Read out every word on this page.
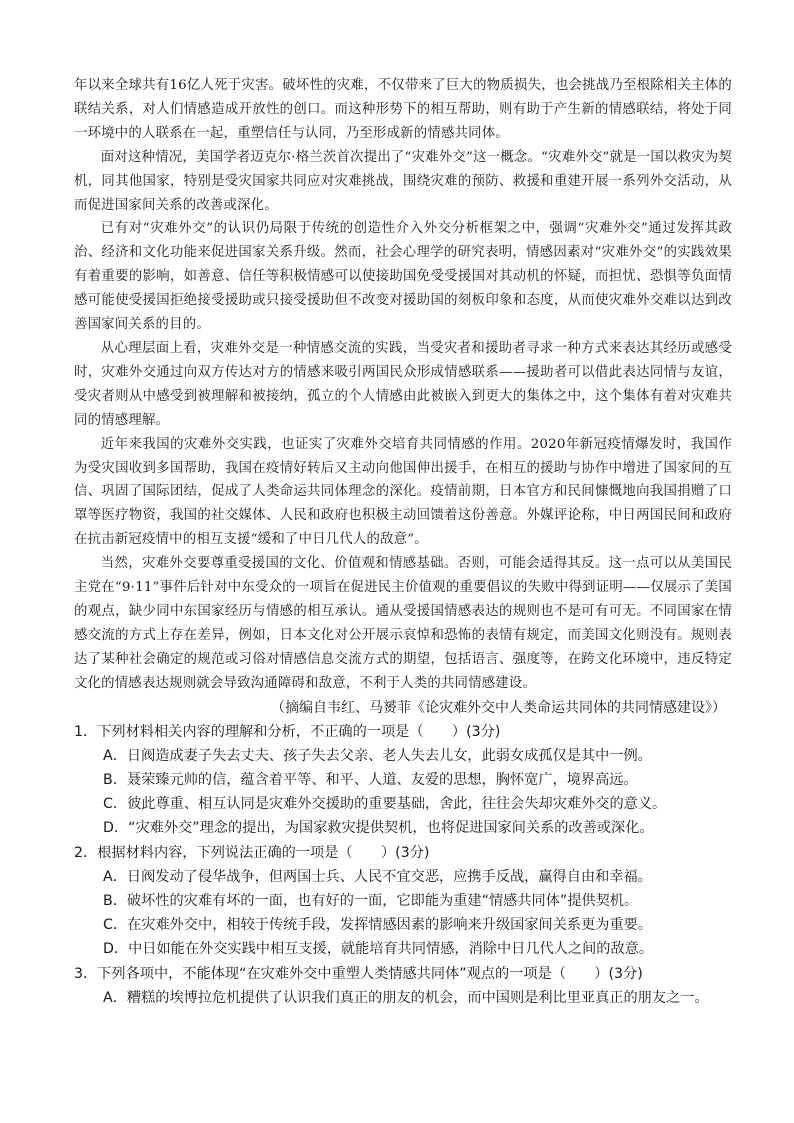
年以来全球共有16亿人死于灾害。破坏性的灾难，不仅带来了巨大的物质损失，也会挑战乃至根除相关主体的联结关系，对人们情感造成开放性的创口。而这种形势下的相互帮助，则有助于产生新的情感联结，将处于同一环境中的人联系在一起，重塑信任与认同，乃至形成新的情感共同体。

面对这种情况，美国学者迈克尔·格兰茨首次提出了“灾难外交”这一概念。“灾难外交”就是一国以救灾为契机，同其他国家，特别是受灾国家共同应对灾难挑战，围绕灾难的预防、救援和重建开展一系列外交活动，从而促进国家间关系的改善或深化。

已有对“灾难外交”的认识仍局限于传统的创造性介入外交分析框架之中，强调“灾难外交”通过发挥其政治、经济和文化功能来促进国家关系升级。然而，社会心理学的研究表明，情感因素对“灾难外交”的实践效果有着重要的影响，如善意、信任等积极情感可以使接助国免受受援国对其动机的怀疑，而担忧、恐惧等负面情感可能使受援国拒绝接受援助或只接受援助但不改变对援助国的刻板印象和态度，从而使灾难外交难以达到改善国家间关系的目的。

从心理层面上看，灾难外交是一种情感交流的实践，当受灾者和援助者寻求一种方式来表达其经历或感受时，灾难外交通过向双方传达对方的情感来吸引两国民众形成情感联系——援助者可以借此表达同情与友谊，受灾者则从中感受到被理解和被接纳，孤立的个人情感由此被嵌入到更大的集体之中，这个集体有着对灾难共同的情感理解。

近年来我国的灾难外交实践，也证实了灾难外交培育共同情感的作用。2020年新冠疫情爆发时，我国作为受灾国收到多国帮助，我国在疫情好转后又主动向他国伸出援手，在相互的援助与协作中增进了国家间的互信、巩固了国际团结，促成了人类命运共同体理念的深化。疫情前期，日本官方和民间慷慨地向我国捐赠了口罩等医疗物资，我国的社交媒体、人民和政府也积极主动回馈着这份善意。外媒评论称，中日两国民间和政府在抗击新冠疫情中的相互支援“缓和了中日几代人的敌意”。

当然，灾难外交要尊重受援国的文化、价值观和情感基础。否则，可能会适得其反。这一点可以从美国民主党在“9·11”事件后针对中东受众的一项旨在促进民主价值观的重要倡议的失败中得到证明——仅展示了美国的观点，缺少同中东国家经历与情感的相互承认。通从受援国情感表达的规则也不是可有可无。不同国家在情感交流的方式上存在差异，例如，日本文化对公开展示哀悼和恐怖的表情有规定，而美国文化则没有。规则表达了某种社会确定的规范或习俗对情感信息交流方式的期望，包括语言、强度等，在跨文化环境中，违反特定文化的情感表达规则就会导致沟通障碍和敌意，不利于人类的共同情感建设。

（摘编自韦红、马赟菲《论灾难外交中人类命运共同体的共同情感建设》）

1．下列材料相关内容的理解和分析，不正确的一项是（　　）(3分)

A．日阀造成妻子失去丈夫、孩子失去父亲、老人失去儿女，此弱女成孤仅是其中一例。

B．聂荣臻元帅的信，蕴含着平等、和平、人道、友爱的思想，胸怀宽广，境界高远。

C．彼此尊重、相互认同是灾难外交援助的重要基础，舍此，往往会失却灾难外交的意义。

D．“灾难外交”理念的提出，为国家救灾提供契机，也将促进国家间关系的改善或深化。

2．根据材料内容，下列说法正确的一项是（　　）(3分)

A．日阀发动了侵华战争，但两国士兵、人民不宜交恶，应携手反战，赢得自由和幸福。

B．破坏性的灾难有坏的一面，也有好的一面，它即能为重建“情感共同体”提供契机。

C．在灾难外交中，相较于传统手段，发挥情感因素的影响来升级国家间关系更为重要。

D．中日如能在外交实践中相互支援，就能培育共同情感，消除中日几代人之间的敌意。

3．下列各项中，不能体现“在灾难外交中重塑人类情感共同体”观点的一项是（　　）(3分)

A．糟糕的埃博拉危机提供了认识我们真正的朋友的机会，而中国则是利比里亚真正的朋友之一。
